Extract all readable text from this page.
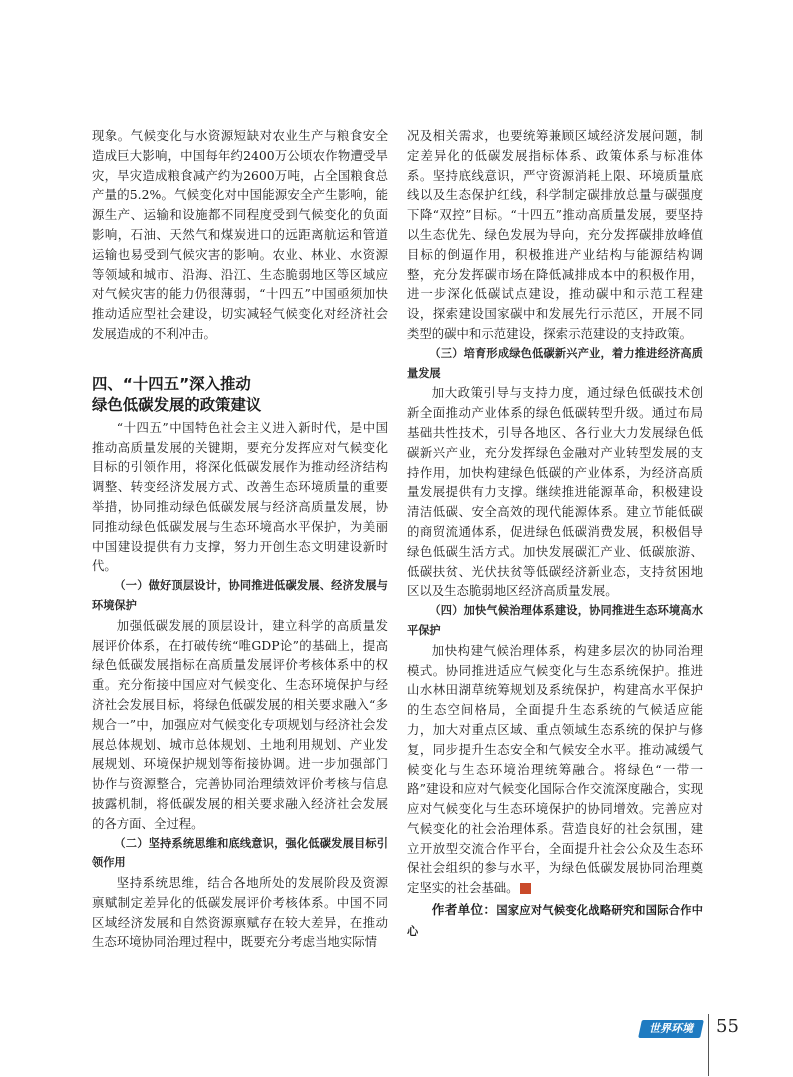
现象。气候变化与水资源短缺对农业生产与粮食安全造成巨大影响，中国每年约2400万公顷农作物遭受旱灾，旱灾造成粮食减产约为2600万吨，占全国粮食总产量的5.2%。气候变化对中国能源安全产生影响，能源生产、运输和设施都不同程度受到气候变化的负面影响，石油、天然气和煤炭进口的远距离航运和管道运输也易受到气候灾害的影响。农业、林业、水资源等领域和城市、沿海、沿江、生态脆弱地区等区域应对气候灾害的能力仍很薄弱，“十四五”中国亟须加快推动适应型社会建设，切实减轻气候变化对经济社会发展造成的不利冲击。

四、“十四五”深入推动
绿色低碳发展的政策建议

“十四五”中国特色社会主义进入新时代，是中国推动高质量发展的关键期，要充分发挥应对气候变化目标的引领作用，将深化低碳发展作为推动经济结构调整、转变经济发展方式、改善生态环境质量的重要举措，协同推动绿色低碳发展与经济高质量发展，协同推动绿色低碳发展与生态环境高水平保护，为美丽中国建设提供有力支撑，努力开创生态文明建设新时代。

（一）做好顶层设计，协同推进低碳发展、经济发展与环境保护

加强低碳发展的顶层设计，建立科学的高质量发展评价体系，在打破传统“唯GDP论”的基础上，提高绿色低碳发展指标在高质量发展评价考核体系中的权重。充分衔接中国应对气候变化、生态环境保护与经济社会发展目标，将绿色低碳发展的相关要求融入“多规合一”中，加强应对气候变化专项规划与经济社会发展总体规划、城市总体规划、土地利用规划、产业发展规划、环境保护规划等衔接协调。进一步加强部门协作与资源整合，完善协同治理绩效评价考核与信息披露机制，将低碳发展的相关要求融入经济社会发展的各方面、全过程。

（二）坚持系统思维和底线意识，强化低碳发展目标引领作用

坚持系统思维，结合各地所处的发展阶段及资源禀赋制定差异化的低碳发展评价考核体系。中国不同区域经济发展和自然资源禀赋存在较大差异，在推动生态环境协同治理过程中，既要充分考虑当地实际情

况及相关需求，也要统筹兼顾区域经济发展问题，制定差异化的低碳发展指标体系、政策体系与标准体系。坚持底线意识，严守资源消耗上限、环境质量底线以及生态保护红线，科学制定碳排放总量与碳强度下降“双控”目标。“十四五”推动高质量发展，要坚持以生态优先、绿色发展为导向，充分发挥碳排放峰值目标的倒逼作用，积极推进产业结构与能源结构调整，充分发挥碳市场在降低减排成本中的积极作用，进一步深化低碳试点建设，推动碳中和示范工程建设，探索建设国家碳中和发展先行示范区，开展不同类型的碳中和示范建设，探索示范建设的支持政策。

（三）培育形成绿色低碳新兴产业，着力推进经济高质量发展

加大政策引导与支持力度，通过绿色低碳技术创新全面推动产业体系的绿色低碳转型升级。通过布局基础共性技术，引导各地区、各行业大力发展绿色低碳新兴产业，充分发挥绿色金融对产业转型发展的支持作用，加快构建绿色低碳的产业体系，为经济高质量发展提供有力支撑。继续推进能源革命，积极建设清洁低碳、安全高效的现代能源体系。建立节能低碳的商贸流通体系，促进绿色低碳消费发展，积极倡导绿色低碳生活方式。加快发展碳汇产业、低碳旅游、低碳扶贫、光伏扶贫等低碳经济新业态，支持贫困地区以及生态脆弱地区经济高质量发展。

（四）加快气候治理体系建设，协同推进生态环境高水平保护

加快构建气候治理体系，构建多层次的协同治理模式。协同推进适应气候变化与生态系统保护。推进山水林田湖草统筹规划及系统保护，构建高水平保护的生态空间格局，全面提升生态系统的气候适应能力，加大对重点区域、重点领域生态系统的保护与修复，同步提升生态安全和气候安全水平。推动减缓气候变化与生态环境治理统筹融合。将绿色“一带一路”建设和应对气候变化国际合作交流深度融合，实现应对气候变化与生态环境保护的协同增效。完善应对气候变化的社会治理体系。营造良好的社会氛围，建立开放型交流合作平台，全面提升社会公众及生态环保社会组织的参与水平，为绿色低碳发展协同治理奠定坚实的社会基础。	田

作者单位：国家应对气候变化战略研究和国际合作中心

世界环境	55
